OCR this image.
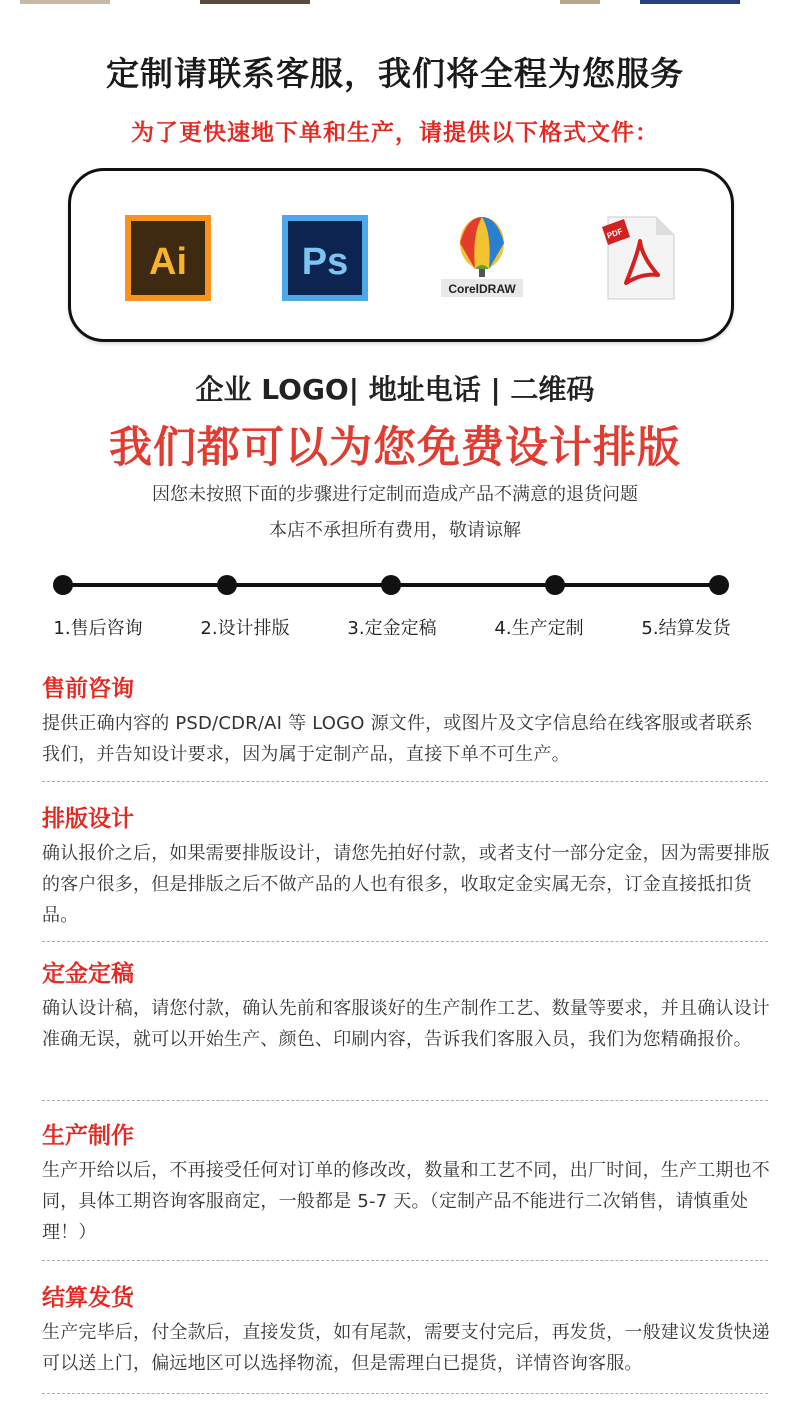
定制请联系客服，我们将全程为您服务
为了更快速地下单和生产，请提供以下格式文件：
Ai	Ps
CorelDRAW
PDF
企业 LOGO| 地址电话 | 二维码
我们都可以为您免费设计排版
因您未按照下面的步骤进行定制而造成产品不满意的退货问题
本店不承担所有费用，敬请谅解
1.售后咨询	2.设计排版	3.定金定稿	4.生产定制	5.结算发货
售前咨询

提供正确内容的 PSD/CDR/AI 等 LOGO 源文件，或图片及文字信息给在线客服或者联系我们，并告知设计要求，因为属于定制产品，直接下单不可生产。

排版设计

确认报价之后，如果需要排版设计，请您先拍好付款，或者支付一部分定金，因为需要排版的客户很多，但是排版之后不做产品的人也有很多，收取定金实属无奈，订金直接抵扣货品。

定金定稿

确认设计稿，请您付款，确认先前和客服谈好的生产制作工艺、数量等要求，并且确认设计准确无误，就可以开始生产、颜色、印刷内容，告诉我们客服入员，我们为您精确报价。

生产制作

生产开给以后，不再接受任何对订单的修改改，数量和工艺不同，出厂时间，生产工期也不同，具体工期咨询客服商定，一般都是 5-7 天。（定制产品不能进行二次销售，请慎重处理！）

结算发货

生产完毕后，付全款后，直接发货，如有尾款，需要支付完后，再发货，一般建议发货快递可以送上门，偏远地区可以选择物流，但是需理白已提货，详情咨询客服。
